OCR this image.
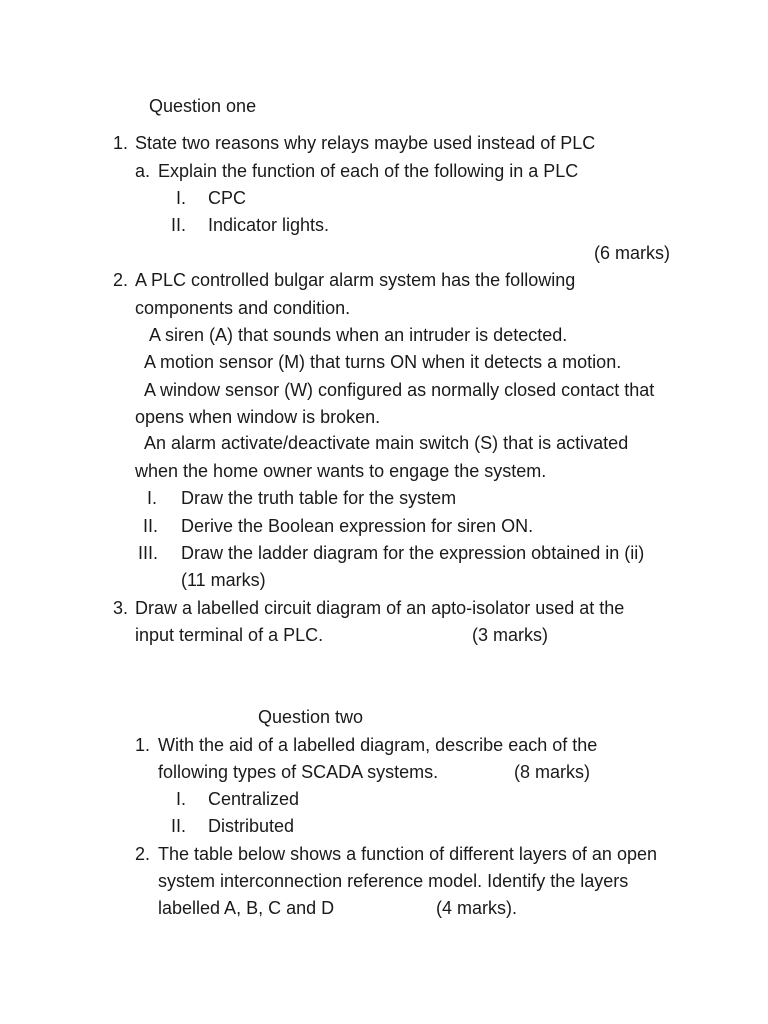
Question one
1. State two reasons why relays maybe used instead of PLC
a. Explain the function of each of the following in a PLC
I. CPC
II. Indicator lights.
(6 marks)
2. A PLC controlled bulgar alarm system has the following
components and condition.
A siren (A) that sounds when an intruder is detected.
A motion sensor (M) that turns ON when it detects a motion.
A window sensor (W) configured as normally closed contact that
opens when window is broken.
An alarm activate/deactivate main switch (S) that is activated
when the home owner wants to engage the system.
I. Draw the truth table for the system
II. Derive the Boolean expression for siren ON.
III. Draw the ladder diagram for the expression obtained in (ii)
(11 marks)
3. Draw a labelled circuit diagram of an apto-isolator used at the
input terminal of a PLC.	(3 marks)
Question two
1. With the aid of a labelled diagram, describe each of the
following types of SCADA systems.	(8 marks)
I. Centralized
II. Distributed
2. The table below shows a function of different layers of an open
system interconnection reference model. Identify the layers
labelled A, B, C and D	(4 marks).
